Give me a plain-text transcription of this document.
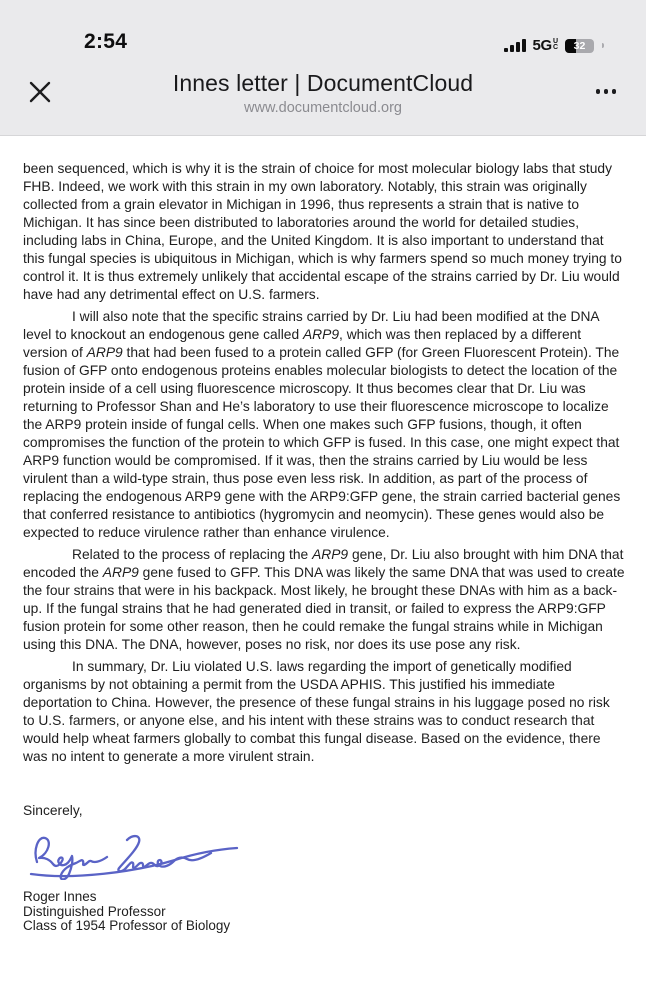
2:54	5G U
C	32
Innes letter | DocumentCloud
www.documentcloud.org

been sequenced, which is why it is the strain of choice for most molecular biology labs that study FHB. Indeed, we work with this strain in my own laboratory. Notably, this strain was originally collected from a grain elevator in Michigan in 1996, thus represents a strain that is native to Michigan. It has since been distributed to laboratories around the world for detailed studies, including labs in China, Europe, and the United Kingdom. It is also important to understand that this fungal species is ubiquitous in Michigan, which is why farmers spend so much money trying to control it. It is thus extremely unlikely that accidental escape of the strains carried by Dr. Liu would have had any detrimental effect on U.S. farmers.

I will also note that the specific strains carried by Dr. Liu had been modified at the DNA level to knockout an endogenous gene called ARP9, which was then replaced by a different version of ARP9 that had been fused to a protein called GFP (for Green Fluorescent Protein). The fusion of GFP onto endogenous proteins enables molecular biologists to detect the location of the protein inside of a cell using fluorescence microscopy. It thus becomes clear that Dr. Liu was returning to Professor Shan and He’s laboratory to use their fluorescence microscope to localize the ARP9 protein inside of fungal cells. When one makes such GFP fusions, though, it often compromises the function of the protein to which GFP is fused. In this case, one might expect that ARP9 function would be compromised. If it was, then the strains carried by Liu would be less virulent than a wild-type strain, thus pose even less risk. In addition, as part of the process of replacing the endogenous ARP9 gene with the ARP9:GFP gene, the strain carried bacterial genes that conferred resistance to antibiotics (hygromycin and neomycin). These genes would also be expected to reduce virulence rather than enhance virulence.

Related to the process of replacing the ARP9 gene, Dr. Liu also brought with him DNA that encoded the ARP9 gene fused to GFP. This DNA was likely the same DNA that was used to create the four strains that were in his backpack. Most likely, he brought these DNAs with him as a back-up. If the fungal strains that he had generated died in transit, or failed to express the ARP9:GFP fusion protein for some other reason, then he could remake the fungal strains while in Michigan using this DNA. The DNA, however, poses no risk, nor does its use pose any risk.

In summary, Dr. Liu violated U.S. laws regarding the import of genetically modified organisms by not obtaining a permit from the USDA APHIS. This justified his immediate deportation to China. However, the presence of these fungal strains in his luggage posed no risk to U.S. farmers, or anyone else, and his intent with these strains was to conduct research that would help wheat farmers globally to combat this fungal disease. Based on the evidence, there was no intent to generate a more virulent strain.

Sincerely,

Roger Innes
Distinguished Professor
Class of 1954 Professor of Biology
